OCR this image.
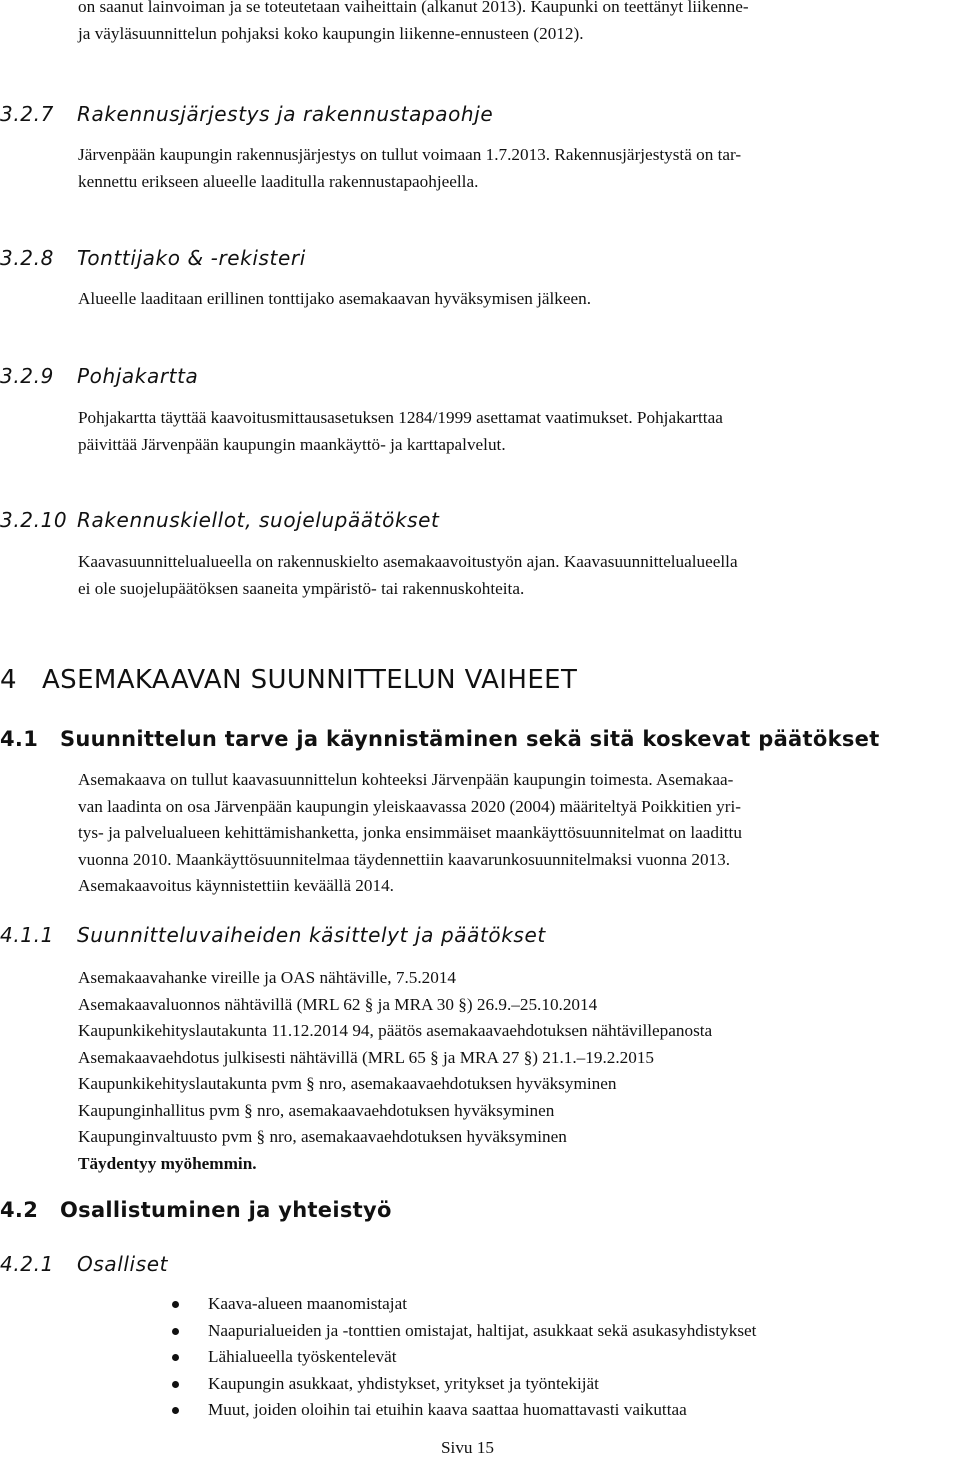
on saanut lainvoiman ja se toteutetaan vaiheittain (alkanut 2013). Kaupunki on teettänyt liikenne-
ja väyläsuunnittelun pohjaksi koko kaupungin liikenne-ennusteen (2012).
3.2.7 Rakennusjärjestys ja rakennustapaohje
Järvenpään kaupungin rakennusjärjestys on tullut voimaan 1.7.2013. Rakennusjärjestystä on tar-
kennettu erikseen alueelle laaditulla rakennustapaohjeella.
3.2.8 Tonttijako & -rekisteri
Alueelle laaditaan erillinen tonttijako asemakaavan hyväksymisen jälkeen.
3.2.9 Pohjakartta
Pohjakartta täyttää kaavoitusmittausasetuksen 1284/1999 asettamat vaatimukset. Pohjakarttaa
päivittää Järvenpään kaupungin maankäyttö- ja karttapalvelut.
3.2.10 Rakennuskiellot, suojelupäätökset
Kaavasuunnittelualueella on rakennuskielto asemakaavoitustyön ajan. Kaavasuunnittelualueella
ei ole suojelupäätöksen saaneita ympäristö- tai rakennuskohteita.
4 ASEMAKAAVAN SUUNNITTELUN VAIHEET
4.1 Suunnittelun tarve ja käynnistäminen sekä sitä koskevat päätökset
Asemakaava on tullut kaavasuunnittelun kohteeksi Järvenpään kaupungin toimesta. Asemakaa-
van laadinta on osa Järvenpään kaupungin yleiskaavassa 2020 (2004) määriteltyä Poikkitien yri-
tys- ja palvelualueen kehittämishanketta, jonka ensimmäiset maankäyttösuunnitelmat on laadittu
vuonna 2010. Maankäyttösuunnitelmaa täydennettiin kaavarunkosuunnitelmaksi vuonna 2013.
Asemakaavoitus käynnistettiin keväällä 2014.
4.1.1 Suunnitteluvaiheiden käsittelyt ja päätökset
Asemakaavahanke vireille ja OAS nähtäville, 7.5.2014
Asemakaavaluonnos nähtävillä (MRL 62 § ja MRA 30 §) 26.9.–25.10.2014
Kaupunkikehityslautakunta 11.12.2014 94, päätös asemakaavaehdotuksen nähtävillepanosta
Asemakaavaehdotus julkisesti nähtävillä (MRL 65 § ja MRA 27 §) 21.1.–19.2.2015
Kaupunkikehityslautakunta pvm § nro, asemakaavaehdotuksen hyväksyminen
Kaupunginhallitus pvm § nro, asemakaavaehdotuksen hyväksyminen
Kaupunginvaltuusto pvm § nro, asemakaavaehdotuksen hyväksyminen
Täydentyy myöhemmin.
4.2 Osallistuminen ja yhteistyö
4.2.1 Osalliset
Kaava-alueen maanomistajat
Naapurialueiden ja -tonttien omistajat, haltijat, asukkaat sekä asukasyhdistykset
Lähialueella työskentelevät
Kaupungin asukkaat, yhdistykset, yritykset ja työntekijät
Muut, joiden oloihin tai etuihin kaava saattaa huomattavasti vaikuttaa
Sivu 15
